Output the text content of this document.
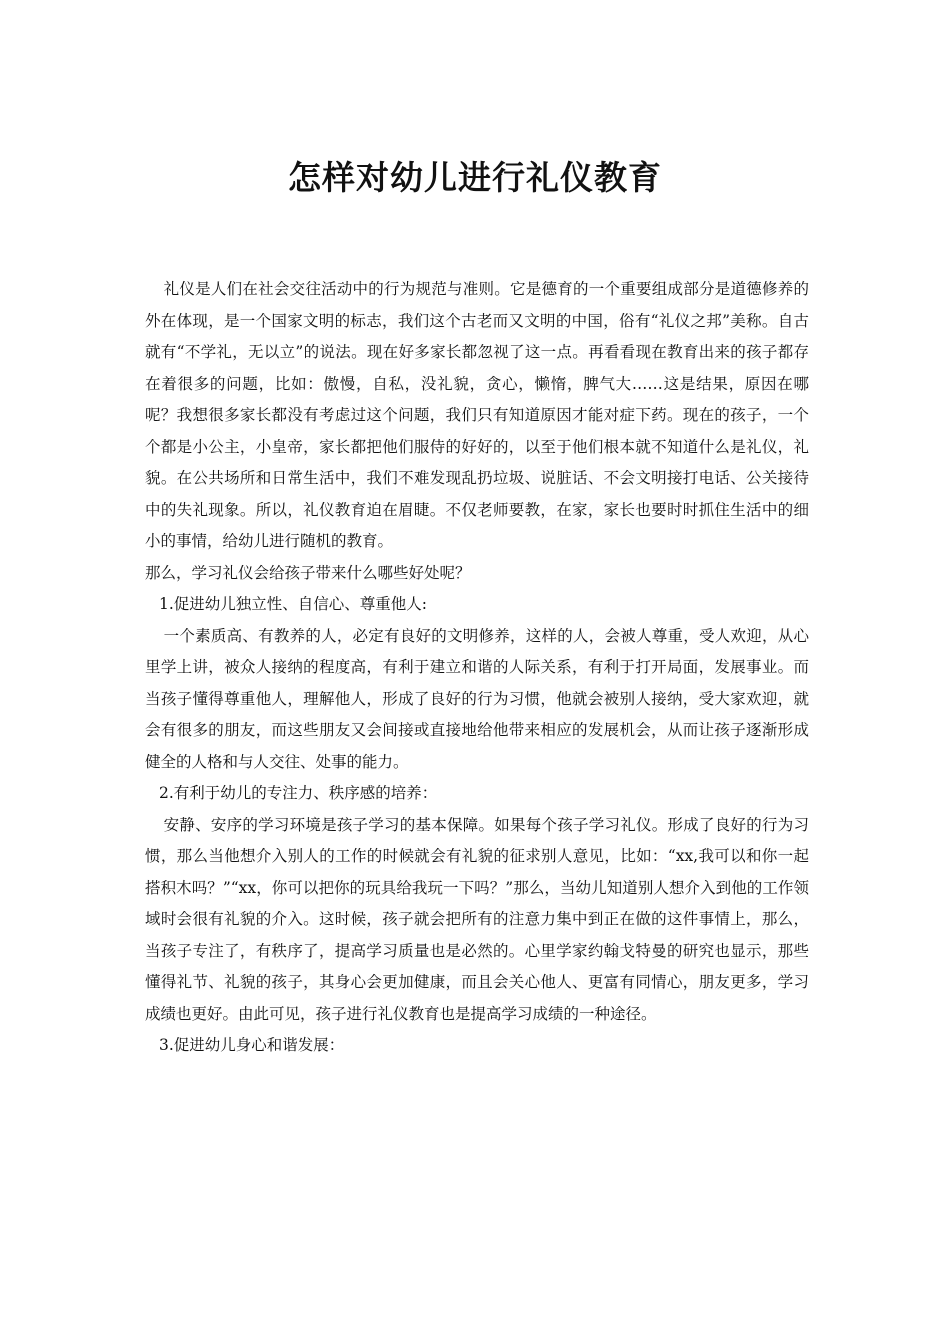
怎样对幼儿进行礼仪教育

礼仪是人们在社会交往活动中的行为规范与准则。它是德育的一个重要组成部分是道德修养的外在体现，是一个国家文明的标志，我们这个古老而又文明的中国，俗有“礼仪之邦”美称。自古就有“不学礼，无以立”的说法。现在好多家长都忽视了这一点。再看看现在教育出来的孩子都存在着很多的问题，比如：傲慢，自私，没礼貌，贪心，懒惰，脾气大……这是结果，原因在哪呢？我想很多家长都没有考虑过这个问题，我们只有知道原因才能对症下药。现在的孩子，一个个都是小公主，小皇帝，家长都把他们服侍的好好的，以至于他们根本就不知道什么是礼仪，礼貌。在公共场所和日常生活中，我们不难发现乱扔垃圾、说脏话、不会文明接打电话、公关接待中的失礼现象。所以，礼仪教育迫在眉睫。不仅老师要教，在家，家长也要时时抓住生活中的细小的事情，给幼儿进行随机的教育。

那么，学习礼仪会给孩子带来什么哪些好处呢？

1.促进幼儿独立性、自信心、尊重他人:

一个素质高、有教养的人，必定有良好的文明修养，这样的人，会被人尊重，受人欢迎，从心里学上讲，被众人接纳的程度高，有利于建立和谐的人际关系，有利于打开局面，发展事业。而当孩子懂得尊重他人，理解他人，形成了良好的行为习惯，他就会被别人接纳，受大家欢迎，就会有很多的朋友，而这些朋友又会间接或直接地给他带来相应的发展机会，从而让孩子逐渐形成健全的人格和与人交往、处事的能力。

2.有利于幼儿的专注力、秩序感的培养：

安静、安序的学习环境是孩子学习的基本保障。如果每个孩子学习礼仪。形成了良好的行为习惯，那么当他想介入别人的工作的时候就会有礼貌的征求别人意见，比如：“xx,我可以和你一起搭积木吗？”“xx，你可以把你的玩具给我玩一下吗？”那么，当幼儿知道别人想介入到他的工作领域时会很有礼貌的介入。这时候，孩子就会把所有的注意力集中到正在做的这件事情上，那么，当孩子专注了，有秩序了，提高学习质量也是必然的。心里学家约翰戈特曼的研究也显示，那些懂得礼节、礼貌的孩子，其身心会更加健康，而且会关心他人、更富有同情心，朋友更多，学习成绩也更好。由此可见，孩子进行礼仪教育也是提高学习成绩的一种途径。

3.促进幼儿身心和谐发展：
